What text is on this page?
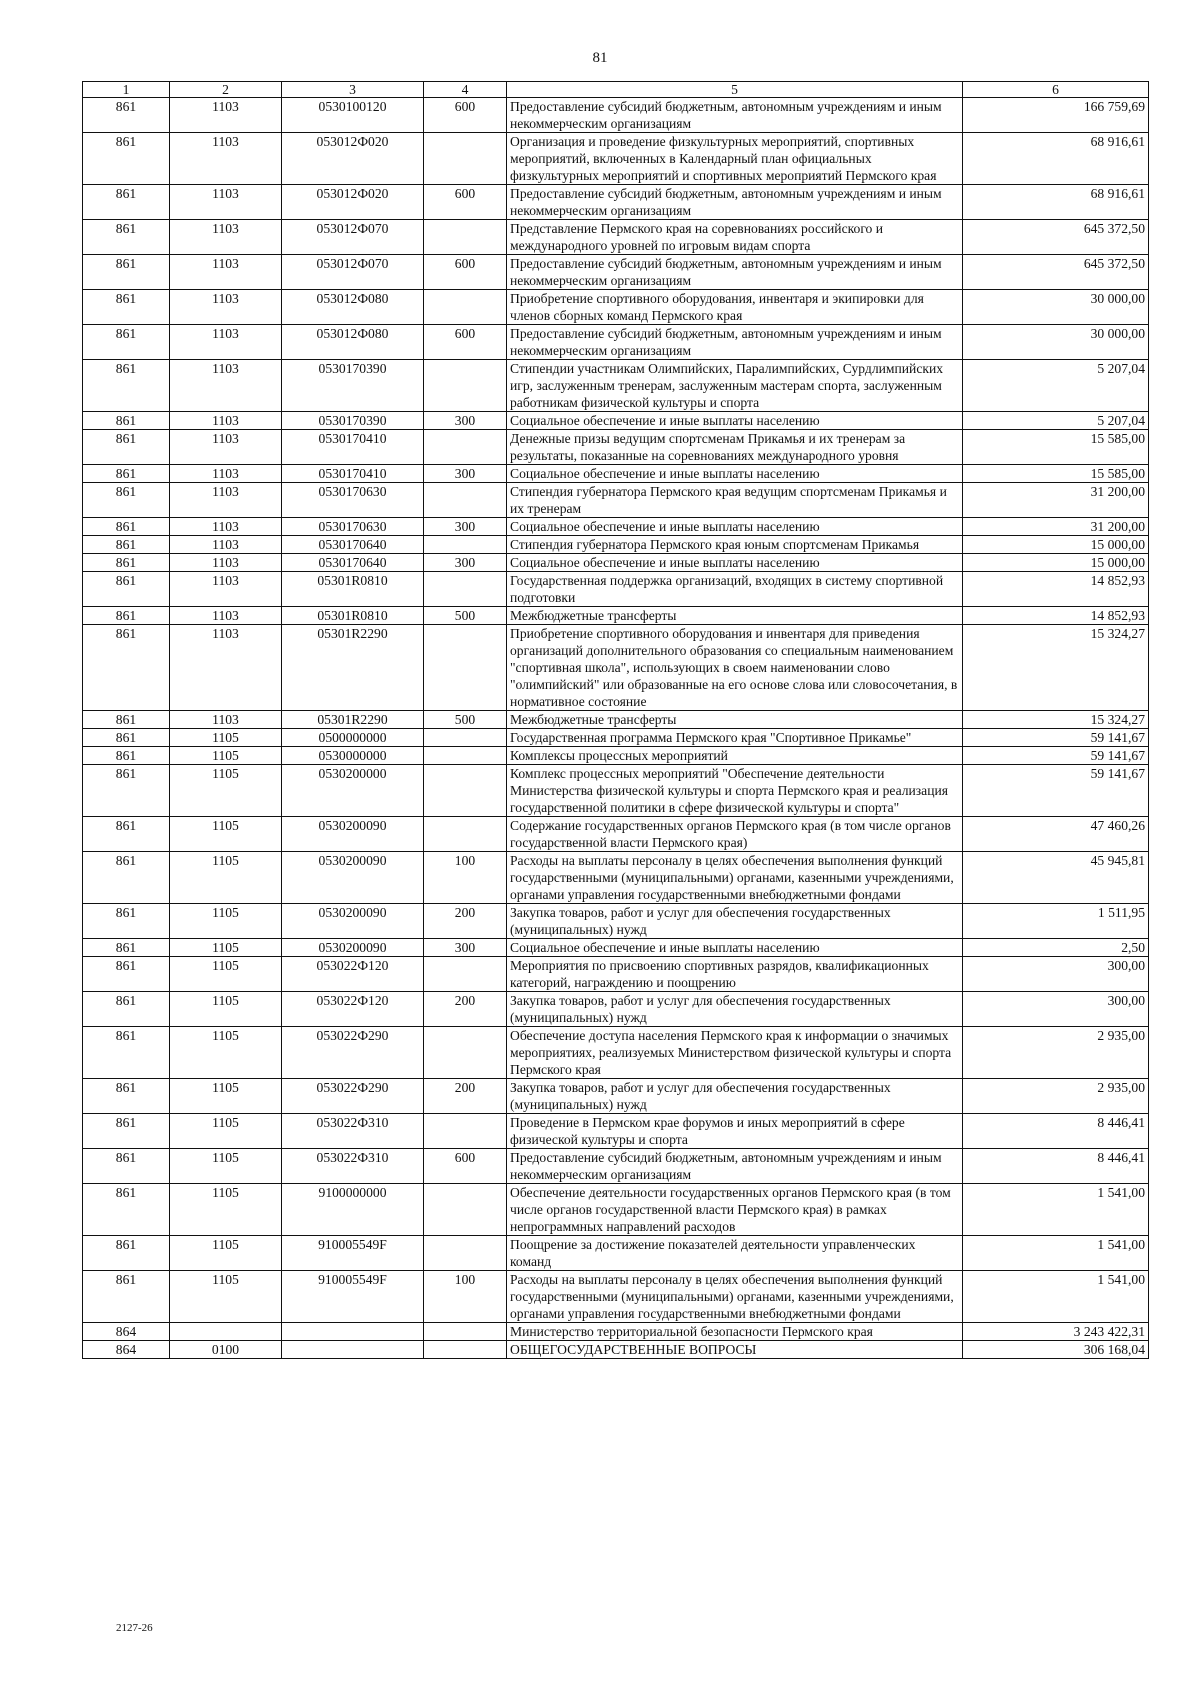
81
1	2	3	4	5	6
861	1103	0530100120	600	Предоставление субсидий бюджетным, автономным учреждениям и иным некоммерческим организациям	166 759,69
861	1103	053012Ф020		Организация и проведение физкультурных мероприятий, спортивных мероприятий, включенных в Календарный план официальных физкультурных мероприятий и спортивных мероприятий Пермского края	68 916,61
861	1103	053012Ф020	600	Предоставление субсидий бюджетным, автономным учреждениям и иным некоммерческим организациям	68 916,61
861	1103	053012Ф070		Представление Пермского края на соревнованиях российского и международного уровней по игровым видам спорта	645 372,50
861	1103	053012Ф070	600	Предоставление субсидий бюджетным, автономным учреждениям и иным некоммерческим организациям	645 372,50
861	1103	053012Ф080		Приобретение спортивного оборудования, инвентаря и экипировки для членов сборных команд Пермского края	30 000,00
861	1103	053012Ф080	600	Предоставление субсидий бюджетным, автономным учреждениям и иным некоммерческим организациям	30 000,00
861	1103	0530170390		Стипендии участникам Олимпийских, Паралимпийских, Сурдлимпийских игр, заслуженным тренерам, заслуженным мастерам спорта, заслуженным работникам физической культуры и спорта	5 207,04
861	1103	0530170390	300	Социальное обеспечение и иные выплаты населению	5 207,04
861	1103	0530170410		Денежные призы ведущим спортсменам Прикамья и их тренерам за результаты, показанные на соревнованиях международного уровня	15 585,00
861	1103	0530170410	300	Социальное обеспечение и иные выплаты населению	15 585,00
861	1103	0530170630		Стипендия губернатора Пермского края ведущим спортсменам Прикамья и их тренерам	31 200,00
861	1103	0530170630	300	Социальное обеспечение и иные выплаты населению	31 200,00
861	1103	0530170640		Стипендия губернатора Пермского края юным спортсменам Прикамья	15 000,00
861	1103	0530170640	300	Социальное обеспечение и иные выплаты населению	15 000,00
861	1103	05301R0810		Государственная поддержка организаций, входящих в систему спортивной подготовки	14 852,93
861	1103	05301R0810	500	Межбюджетные трансферты	14 852,93
861	1103	05301R2290		Приобретение спортивного оборудования и инвентаря для приведения организаций дополнительного образования со специальным наименованием "спортивная школа", использующих в своем наименовании слово "олимпийский" или образованные на его основе слова или словосочетания, в нормативное состояние	15 324,27
861	1103	05301R2290	500	Межбюджетные трансферты	15 324,27
861	1105	0500000000		Государственная программа Пермского края "Спортивное Прикамье"	59 141,67
861	1105	0530000000		Комплексы процессных мероприятий	59 141,67
861	1105	0530200000		Комплекс процессных мероприятий "Обеспечение деятельности Министерства физической культуры и спорта Пермского края и реализация государственной политики в сфере физической культуры и спорта"	59 141,67
861	1105	0530200090		Содержание государственных органов Пермского края (в том числе органов государственной власти Пермского края)	47 460,26
861	1105	0530200090	100	Расходы на выплаты персоналу в целях обеспечения выполнения функций государственными (муниципальными) органами, казенными учреждениями, органами управления государственными внебюджетными фондами	45 945,81
861	1105	0530200090	200	Закупка товаров, работ и услуг для обеспечения государственных (муниципальных) нужд	1 511,95
861	1105	0530200090	300	Социальное обеспечение и иные выплаты населению	2,50
861	1105	053022Ф120		Мероприятия по присвоению спортивных разрядов, квалификационных категорий, награждению и поощрению	300,00
861	1105	053022Ф120	200	Закупка товаров, работ и услуг для обеспечения государственных (муниципальных) нужд	300,00
861	1105	053022Ф290		Обеспечение доступа населения Пермского края к информации о значимых мероприятиях, реализуемых Министерством физической культуры и спорта Пермского края	2 935,00
861	1105	053022Ф290	200	Закупка товаров, работ и услуг для обеспечения государственных (муниципальных) нужд	2 935,00
861	1105	053022Ф310		Проведение в Пермском крае форумов и иных мероприятий в сфере физической культуры и спорта	8 446,41
861	1105	053022Ф310	600	Предоставление субсидий бюджетным, автономным учреждениям и иным некоммерческим организациям	8 446,41
861	1105	9100000000		Обеспечение деятельности государственных органов Пермского края (в том числе органов государственной власти Пермского края) в рамках непрограммных направлений расходов	1 541,00
861	1105	910005549F		Поощрение за достижение показателей деятельности управленческих команд	1 541,00
861	1105	910005549F	100	Расходы на выплаты персоналу в целях обеспечения выполнения функций государственными (муниципальными) органами, казенными учреждениями, органами управления государственными внебюджетными фондами	1 541,00
864				Министерство территориальной безопасности Пермского края	3 243 422,31
864	0100			ОБЩЕГОСУДАРСТВЕННЫЕ ВОПРОСЫ	306 168,04
2127-26
